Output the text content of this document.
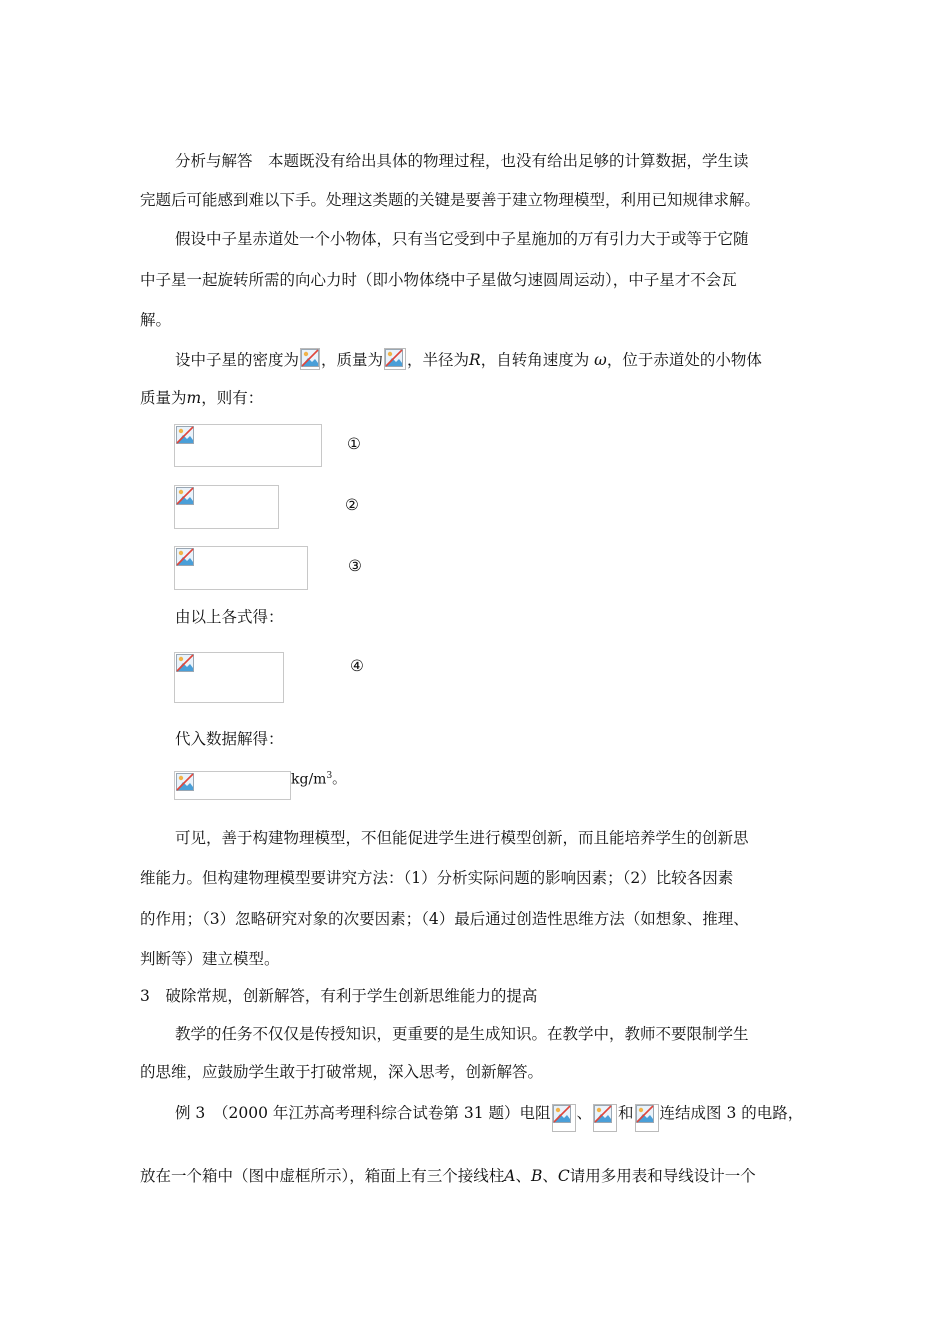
分析与解答　本题既没有给出具体的物理过程，也没有给出足够的计算数据，学生读
完题后可能感到难以下手。处理这类题的关键是要善于建立物理模型，利用已知规律求解。
假设中子星赤道处一个小物体，只有当它受到中子星施加的万有引力大于或等于它随
中子星一起旋转所需的向心力时（即小物体绕中子星做匀速圆周运动），中子星才不会瓦
解。
设中子星的密度为 ，质量为 ，半径为R，自转角速度为 ω，位于赤道处的小物体
质量为m，则有：
①
②
③
由以上各式得：
④
代入数据解得：
$kg/m^3$。
可见，善于构建物理模型，不但能促进学生进行模型创新，而且能培养学生的创新思
维能力。但构建物理模型要讲究方法：（1）分析实际问题的影响因素；（2）比较各因素
的作用；（3）忽略研究对象的次要因素；（4）最后通过创造性思维方法（如想象、推理、
判断等）建立模型。
3　破除常规，创新解答，有利于学生创新思维能力的提高
教学的任务不仅仅是传授知识，更重要的是生成知识。在教学中，教师不要限制学生
的思维，应鼓励学生敢于打破常规，深入思考，创新解答。
例 3　（2000 年江苏高考理科综合试卷第 31 题）电阻 、 和 连结成图 3 的电路，
放在一个箱中（图中虚框所示），箱面上有三个接线柱A、B、C请用多用表和导线设计一个
